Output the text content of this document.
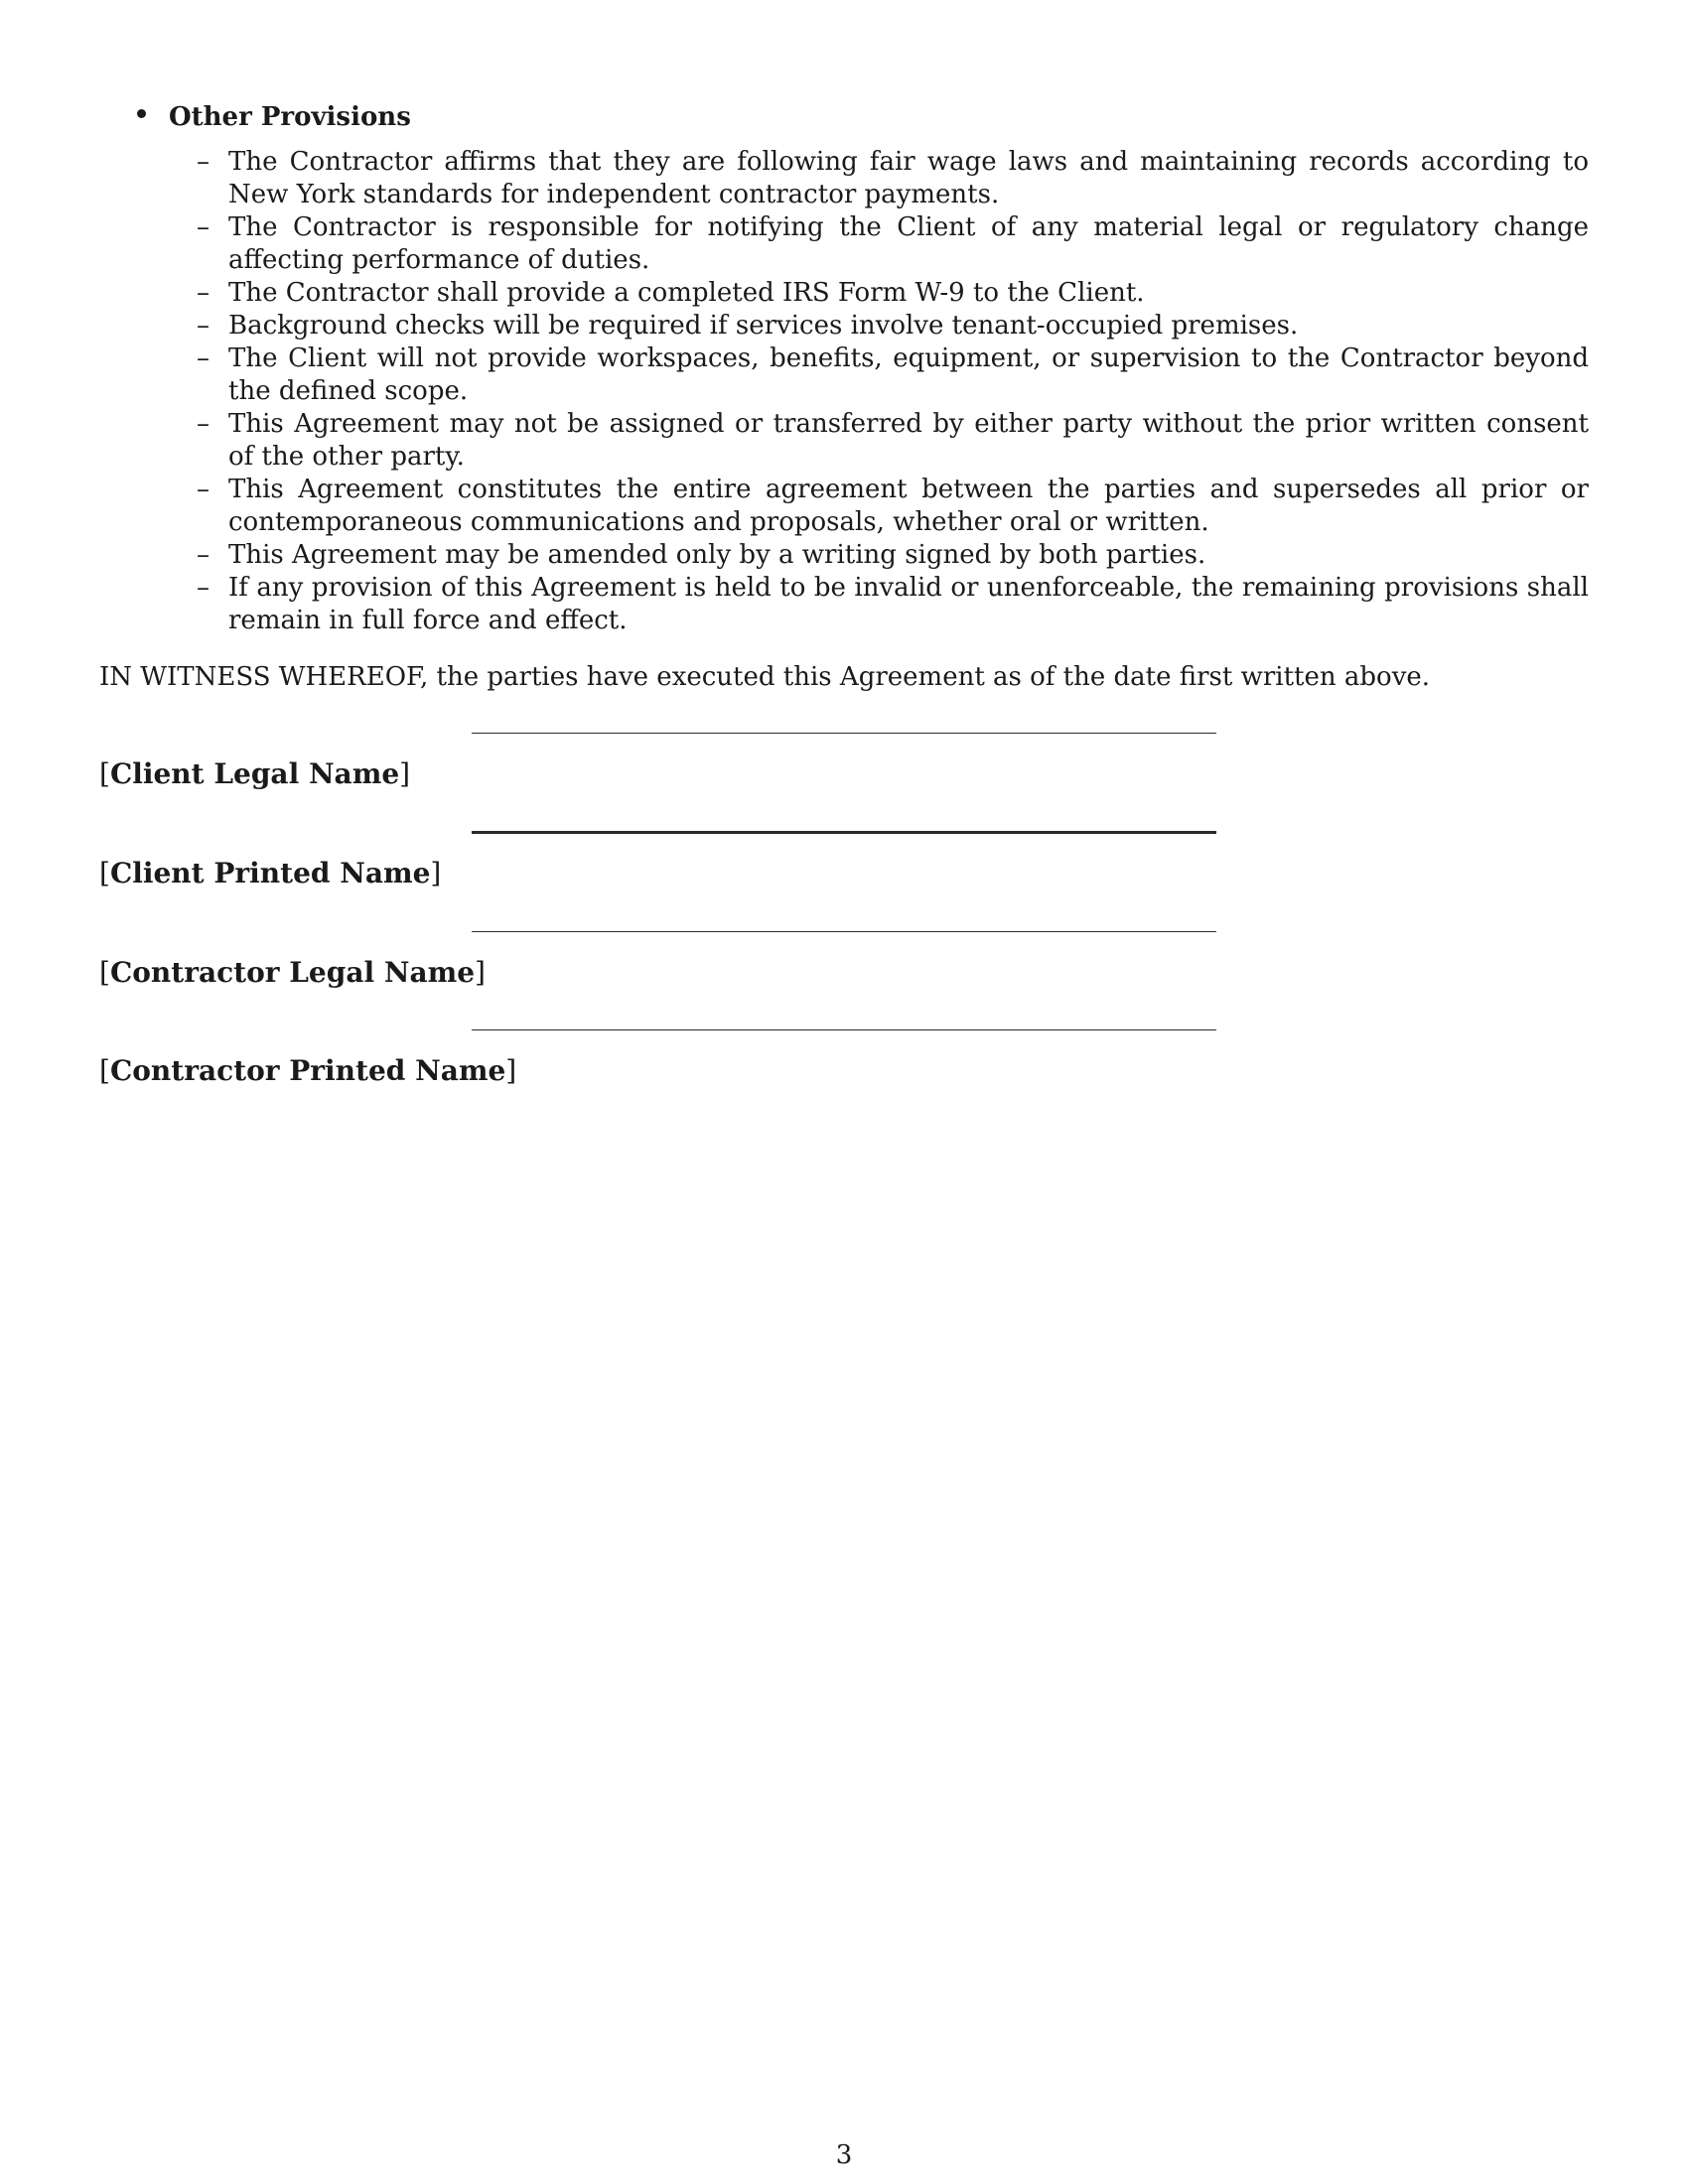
Other Provisions
– The Contractor affirms that they are following fair wage laws and maintaining records according to New York standards for independent contractor payments.
– The Contractor is responsible for notifying the Client of any material legal or regulatory change affecting performance of duties.
– The Contractor shall provide a completed IRS Form W-9 to the Client.
– Background checks will be required if services involve tenant-occupied premises.
– The Client will not provide workspaces, benefits, equipment, or supervision to the Contractor beyond the defined scope.
– This Agreement may not be assigned or transferred by either party without the prior written consent of the other party.
– This Agreement constitutes the entire agreement between the parties and supersedes all prior or contemporaneous communications and proposals, whether oral or written.
– This Agreement may be amended only by a writing signed by both parties.
– If any provision of this Agreement is held to be invalid or unenforceable, the remaining provisions shall remain in full force and effect.
IN WITNESS WHEREOF, the parties have executed this Agreement as of the date first written above.
[Client Legal Name]
[Client Printed Name]
[Contractor Legal Name]
[Contractor Printed Name]
3
